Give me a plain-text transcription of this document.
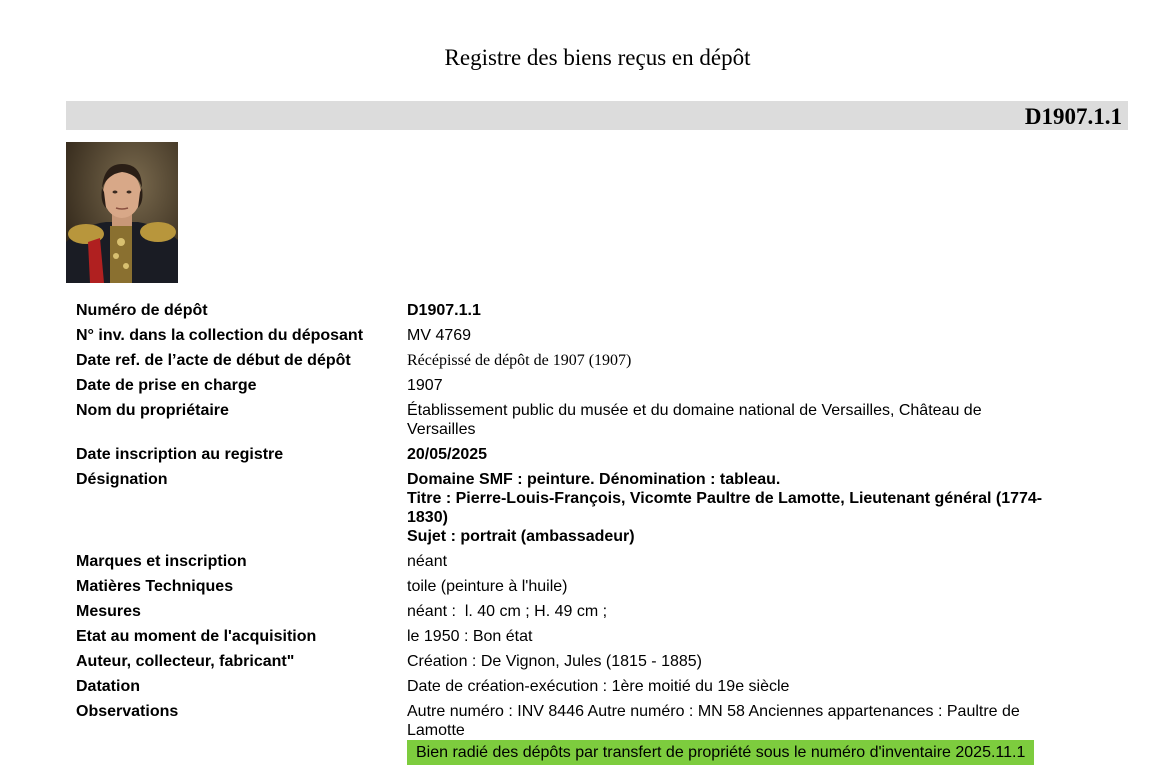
Registre des biens reçus en dépôt
D1907.1.1
Numéro de dépôt	D1907.1.1
N° inv. dans la collection du déposant	MV 4769
Date ref. de l’acte de début de dépôt	Récépissé de dépôt de 1907 (1907)
Date de prise en charge	1907
Nom du propriétaire	Établissement public du musée et du domaine national de Versailles, Château de Versailles
Date inscription au registre	20/05/2025
Désignation	Domaine SMF : peinture. Dénomination : tableau.
Titre : Pierre-Louis-François, Vicomte Paultre de Lamotte, Lieutenant général (1774-1830)
Sujet : portrait (ambassadeur)
Marques et inscription	néant
Matières Techniques	toile (peinture à l'huile)
Mesures	néant :  l. 40 cm ; H. 49 cm ;
Etat au moment de l'acquisition	le 1950 : Bon état
Auteur, collecteur, fabricant"	Création : De Vignon, Jules (1815 - 1885)
Datation	Date de création-exécution : 1ère moitié du 19e siècle
Observations	Autre numéro : INV 8446 Autre numéro : MN 58 Anciennes appartenances : Paultre de Lamotte
Bien radié des dépôts par transfert de propriété sous le numéro d'inventaire 2025.11.1
